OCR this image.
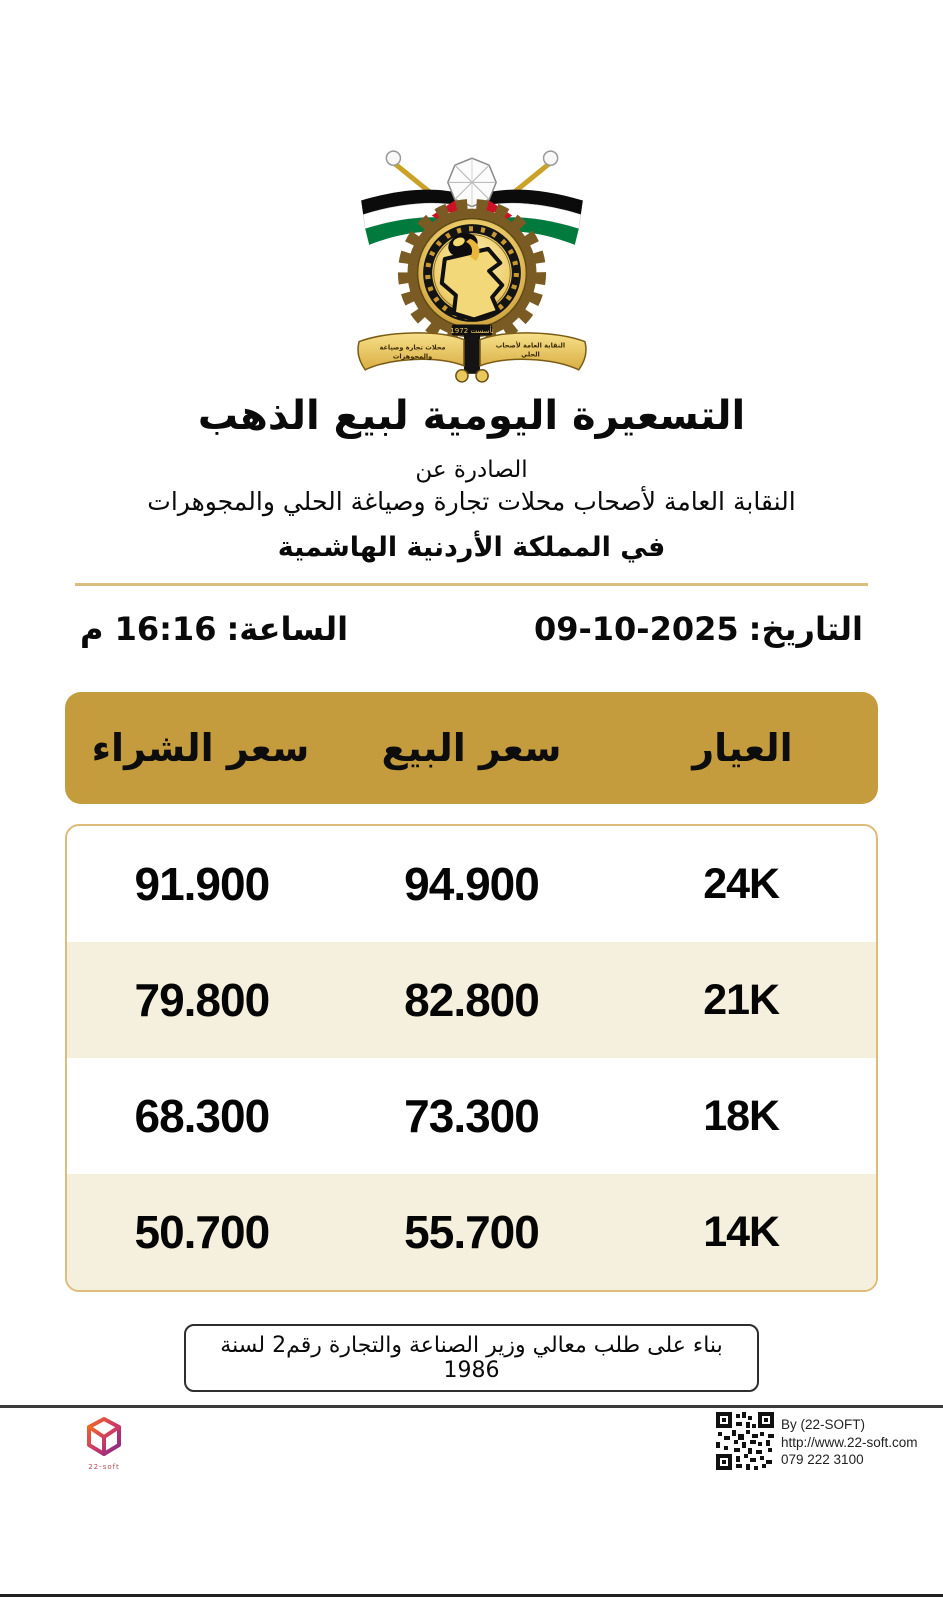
تأسست 1972
النقابة العامة لأصحاب
الحلي
محلات تجارة وصياغة
والمجوهرات
التسعيرة اليومية لبيع الذهب
الصادرة عن
النقابة العامة لأصحاب محلات تجارة وصياغة الحلي والمجوهرات
في المملكة الأردنية الهاشمية
التاريخ:
09-10-2025
الساعة:
16:16 م
العيار
سعر البيع
سعر الشراء
24K
94.900
91.900
21K
82.800
79.800
18K
73.300
68.300
14K
55.700
50.700
بناء على طلب معالي وزير الصناعة والتجارة رقم2 لسنة 1986
22-soft
By (22-SOFT)
http://www.22-soft.com
079 222 3100
